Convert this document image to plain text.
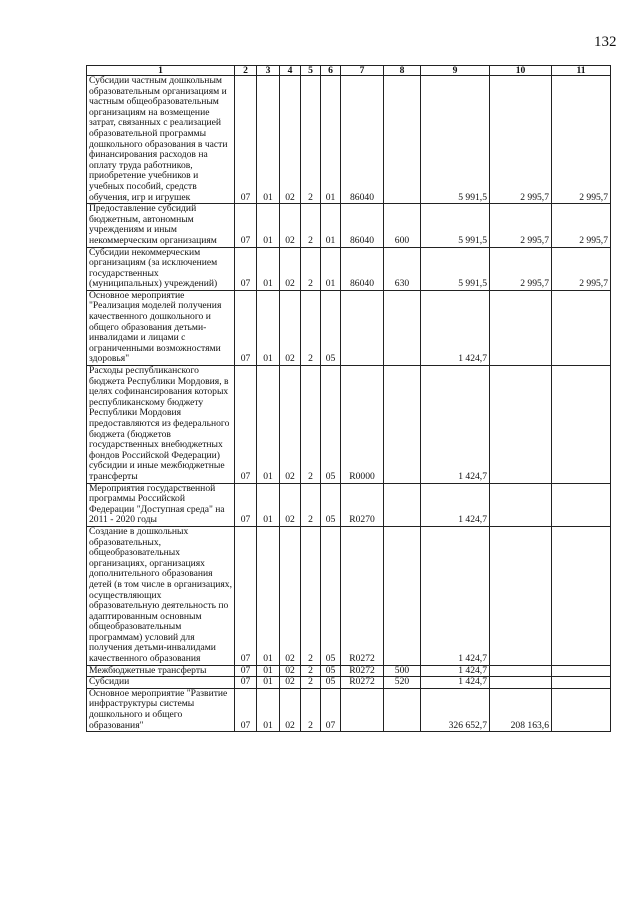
132
1	2	3	4	5	6	7	8	9	10	11
Субсидии частным дошкольным образовательным организациям и частным общеобразовательным организациям на возмещение затрат, связанных с реализацией образовательной программы дошкольного образования в части финансирования расходов на оплату труда работников, приобретение учебников и учебных пособий, средств обучения, игр и игрушек	07	01	02	2	01	86040		5 991,5	2 995,7	2 995,7
Предоставление субсидий бюджетным, автономным учреждениям и иным некоммерческим организациям	07	01	02	2	01	86040	600	5 991,5	2 995,7	2 995,7
Субсидии некоммерческим организациям (за исключением государственных (муниципальных) учреждений)	07	01	02	2	01	86040	630	5 991,5	2 995,7	2 995,7
Основное мероприятие "Реализация моделей получения качественного дошкольного и общего образования детьми-инвалидами и лицами с ограниченными возможностями здоровья"	07	01	02	2	05			1 424,7		
Расходы республиканского бюджета Республики Мордовия, в целях софинансирования которых республиканскому бюджету Республики Мордовия предоставляются из федерального бюджета (бюджетов государственных внебюджетных фондов Российской Федерации) субсидии и иные межбюджетные трансферты	07	01	02	2	05	R0000		1 424,7		
Мероприятия государственной программы Российской Федерации "Доступная среда" на 2011 - 2020 годы	07	01	02	2	05	R0270		1 424,7		
Создание в дошкольных образовательных, общеобразовательных организациях, организациях дополнительного образования детей (в том числе в организациях, осуществляющих образовательную деятельность по адаптированным основным общеобразовательным программам) условий для получения детьми-инвалидами качественного образования	07	01	02	2	05	R0272		1 424,7		
Межбюджетные трансферты	07	01	02	2	05	R0272	500	1 424,7		
Субсидии	07	01	02	2	05	R0272	520	1 424,7		
Основное мероприятие "Развитие инфраструктуры системы дошкольного и общего образования"	07	01	02	2	07			326 652,7	208 163,6	
